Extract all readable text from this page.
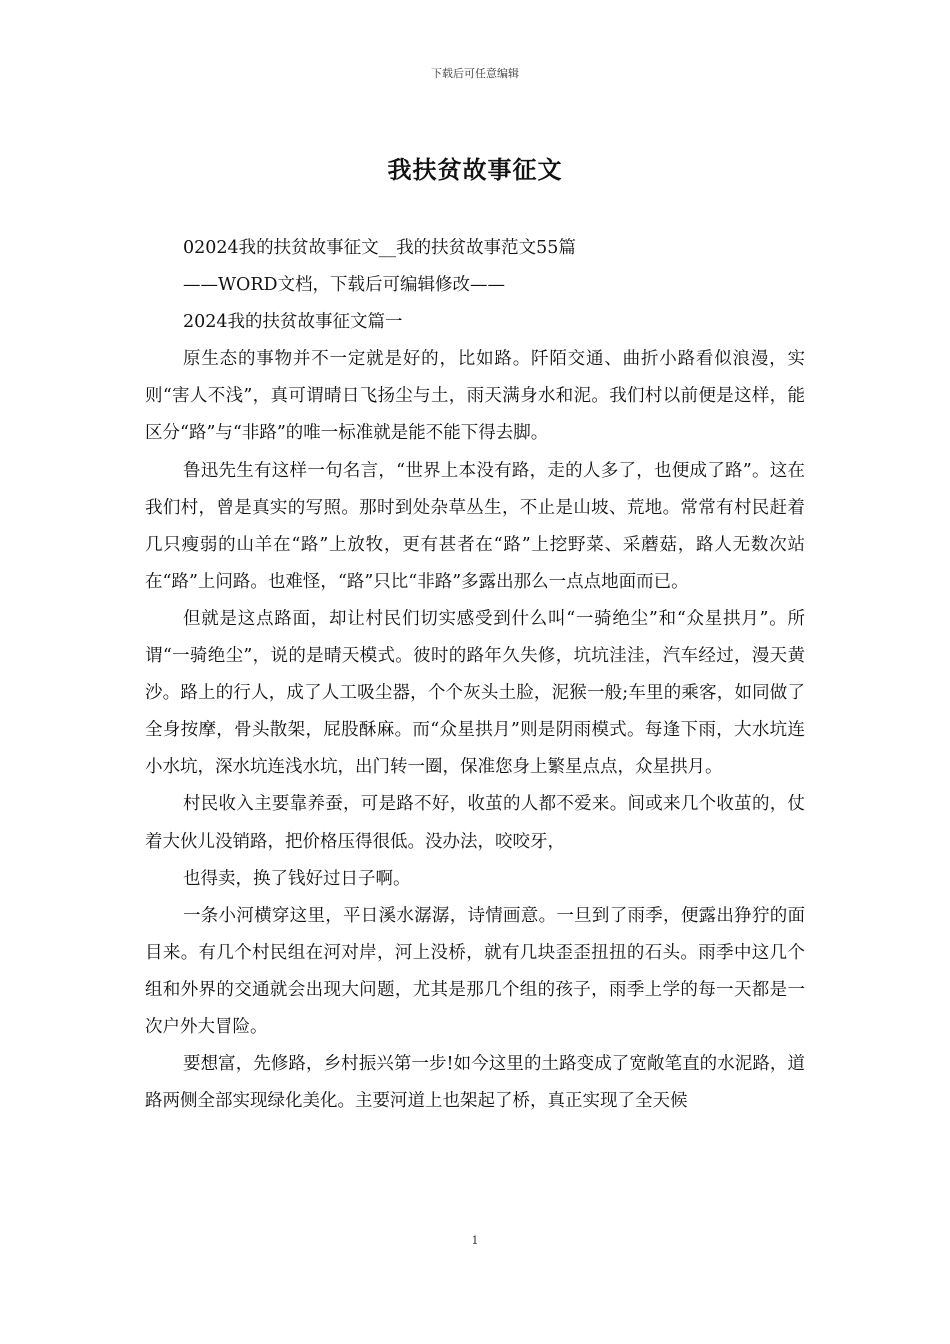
下载后可任意编辑
我扶贫故事征文

02024我的扶贫故事征文__我的扶贫故事范文55篇

——WORD文档，下载后可编辑修改——

2024我的扶贫故事征文篇一

原生态的事物并不一定就是好的，比如路。阡陌交通、曲折小路看似浪漫，实则“害人不浅”，真可谓晴日飞扬尘与土，雨天满身水和泥。我们村以前便是这样，能区分“路”与“非路”的唯一标准就是能不能下得去脚。

鲁迅先生有这样一句名言，“世界上本没有路，走的人多了，也便成了路”。这在我们村，曾是真实的写照。那时到处杂草丛生，不止是山坡、荒地。常常有村民赶着几只瘦弱的山羊在“路”上放牧，更有甚者在“路”上挖野菜、采蘑菇，路人无数次站在“路”上问路。也难怪，“路”只比“非路”多露出那么一点点地面而已。

但就是这点路面，却让村民们切实感受到什么叫“一骑绝尘”和“众星拱月”。所谓“一骑绝尘”，说的是晴天模式。彼时的路年久失修，坑坑洼洼，汽车经过，漫天黄沙。路上的行人，成了人工吸尘器，个个灰头土脸，泥猴一般;车里的乘客，如同做了全身按摩，骨头散架，屁股酥麻。而“众星拱月”则是阴雨模式。每逢下雨，大水坑连小水坑，深水坑连浅水坑，出门转一圈，保准您身上繁星点点，众星拱月。

村民收入主要靠养蚕，可是路不好，收茧的人都不爱来。间或来几个收茧的，仗着大伙儿没销路，把价格压得很低。没办法，咬咬牙，

也得卖，换了钱好过日子啊。

一条小河横穿这里，平日溪水潺潺，诗情画意。一旦到了雨季，便露出狰狞的面目来。有几个村民组在河对岸，河上没桥，就有几块歪歪扭扭的石头。雨季中这几个组和外界的交通就会出现大问题，尤其是那几个组的孩子，雨季上学的每一天都是一次户外大冒险。

要想富，先修路，乡村振兴第一步!如今这里的土路变成了宽敞笔直的水泥路，道路两侧全部实现绿化美化。主要河道上也架起了桥，真正实现了全天候

1
